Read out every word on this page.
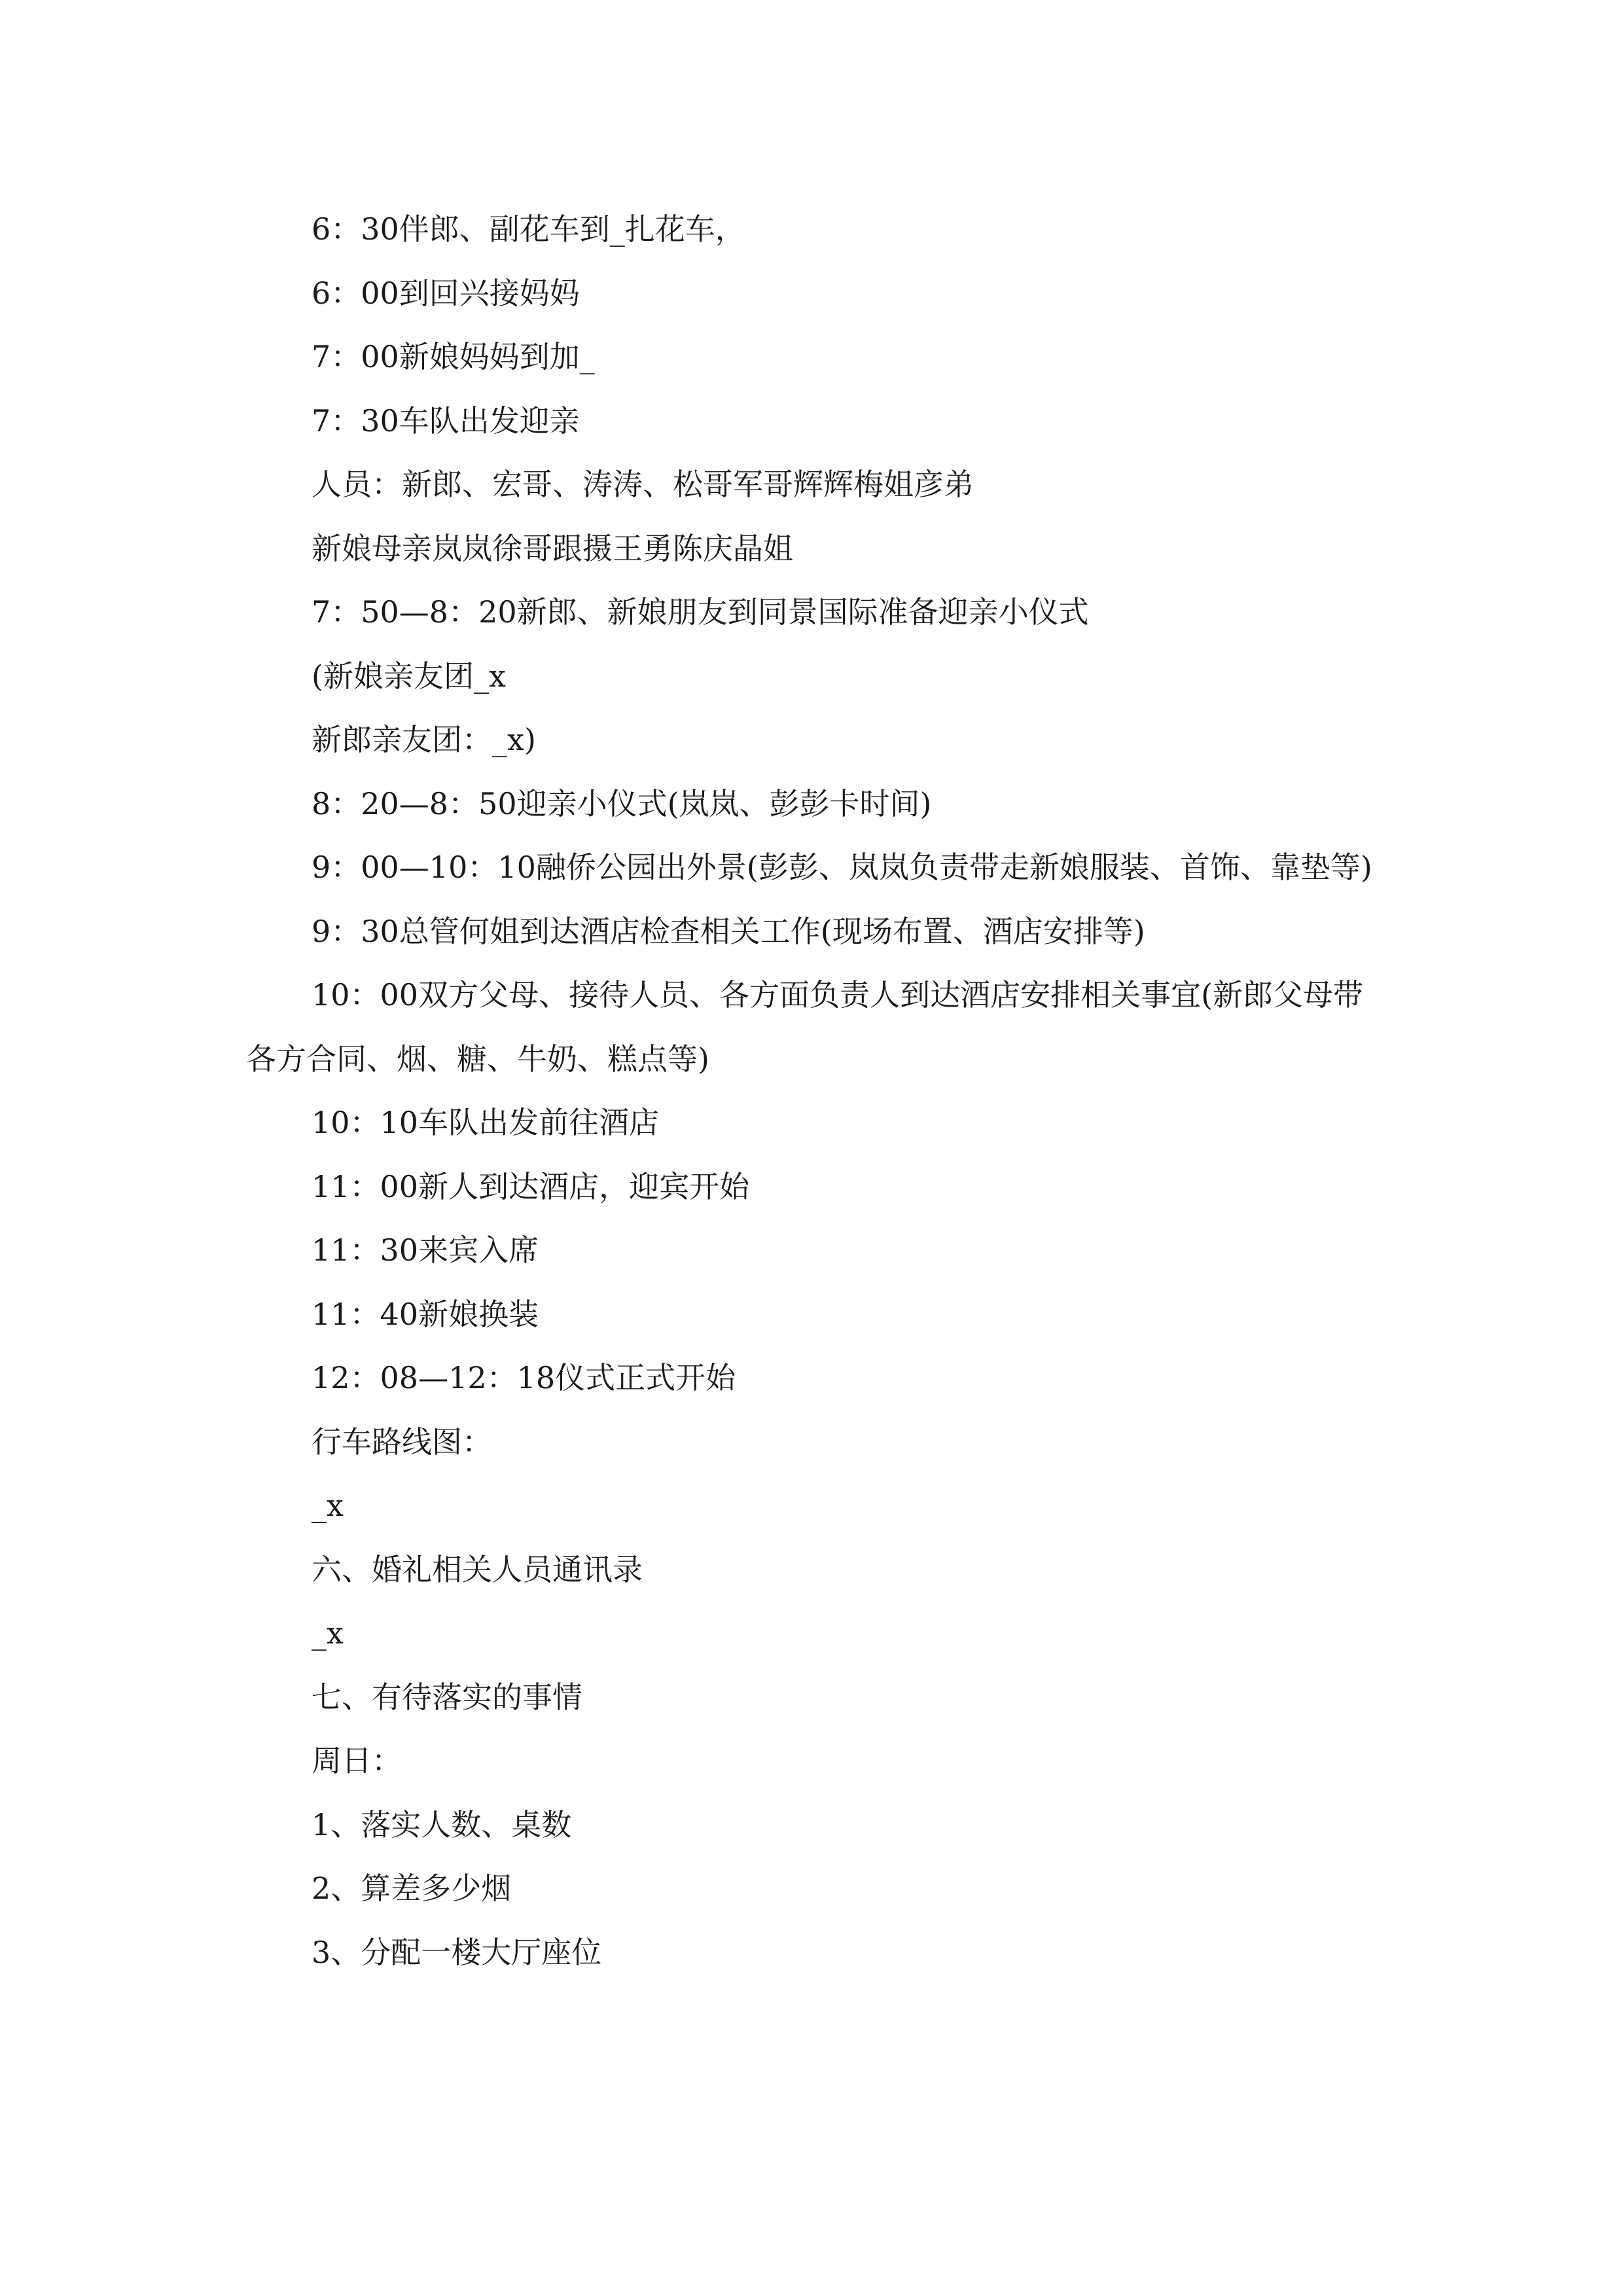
6：30伴郎、副花车到_扎花车，
6：00到回兴接妈妈
7：00新娘妈妈到加_
7：30车队出发迎亲
人员：新郎、宏哥、涛涛、松哥军哥辉辉梅姐彦弟
新娘母亲岚岚徐哥跟摄王勇陈庆晶姐
7：50—8：20新郎、新娘朋友到同景国际准备迎亲小仪式
(新娘亲友团_x
新郎亲友团：_x)
8：20—8：50迎亲小仪式(岚岚、彭彭卡时间)
9：00—10：10融侨公园出外景(彭彭、岚岚负责带走新娘服装、首饰、靠垫等)
9：30总管何姐到达酒店检查相关工作(现场布置、酒店安排等)
10：00双方父母、接待人员、各方面负责人到达酒店安排相关事宜(新郎父母带各方合同、烟、糖、牛奶、糕点等)
10：10车队出发前往酒店
11：00新人到达酒店，迎宾开始
11：30来宾入席
11：40新娘换装
12：08—12：18仪式正式开始
行车路线图：
_x
六、婚礼相关人员通讯录
_x
七、有待落实的事情
周日：
1、落实人数、桌数
2、算差多少烟
3、分配一楼大厅座位
